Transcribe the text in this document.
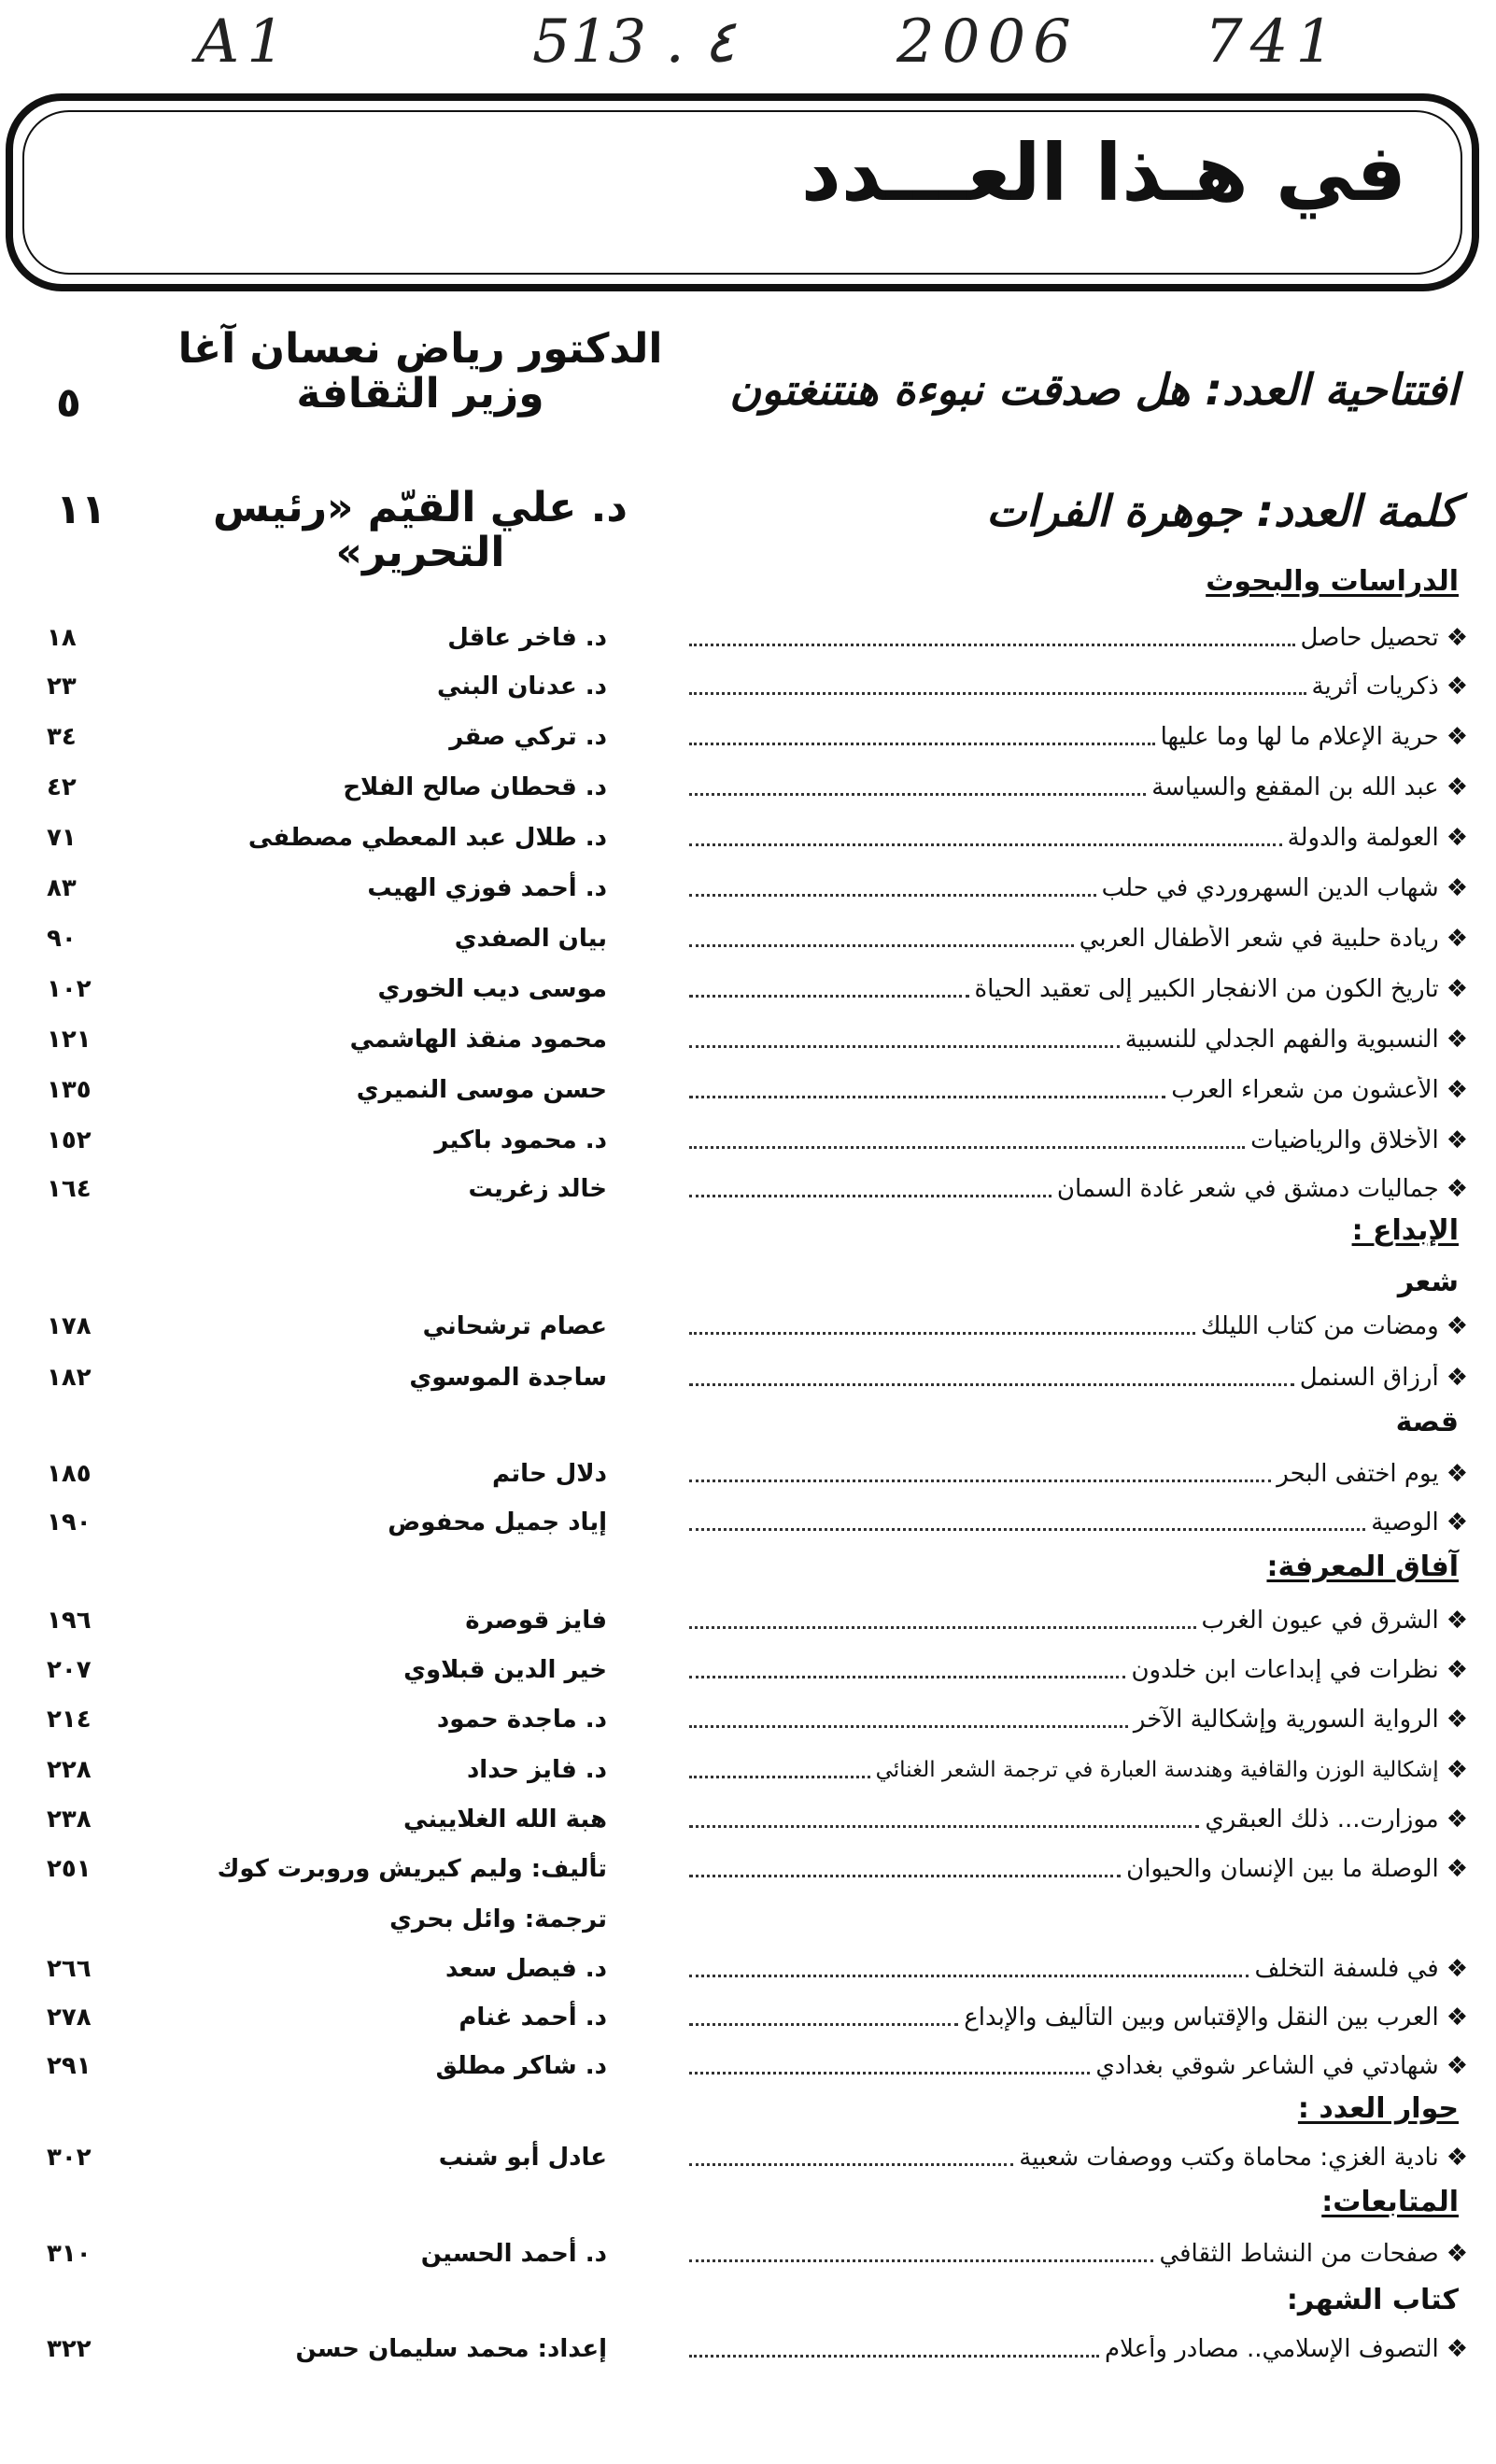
A1	513 . ٤	2006 741
في هـذا العـــدد
افتتاحية العدد: هل صدقت نبوءة هنتنغتون
الدكتور رياض نعسان آغا
وزير الثقافة
٥
كلمة العدد: جوهرة الفرات
د. علي القيّم «رئيس التحرير»
١١
الدراسات والبحوث
الإبداع :
شعر
قصة
آفاق المعرفة:
حوار العدد :
المتابعات:
كتاب الشهر:
❖
تحصيل حاصل
د. فاخر عاقل
١٨
❖
ذكريات أثرية
د. عدنان البني
٢٣
❖
حرية الإعلام ما لها وما عليها
د. تركي صقر
٣٤
❖
عبد الله بن المقفع والسياسة
د. قحطان صالح الفلاح
٤٢
❖
العولمة والدولة
د. طلال عبد المعطي مصطفى
٧١
❖
شهاب الدين السهروردي في حلب
د. أحمد فوزي الهيب
٨٣
❖
ريادة حلبية في شعر الأطفال العربي
بيان الصفدي
٩٠
❖
تاريخ الكون من الانفجار الكبير إلى تعقيد الحياة
موسى ديب الخوري
١٠٢
❖
النسبوية والفهم الجدلي للنسبية
محمود منقذ الهاشمي
١٢١
❖
الأعشون من شعراء العرب
حسن موسى النميري
١٣٥
❖
الأخلاق والرياضيات
د. محمود باكير
١٥٢
❖
جماليات دمشق في شعر غادة السمان
خالد زغريت
١٦٤
❖
ومضات من كتاب الليلك
عصام ترشحاني
١٧٨
❖
أرزاق السنمل
ساجدة الموسوي
١٨٢
❖
يوم اختفى البحر
دلال حاتم
١٨٥
❖
الوصية
إياد جميل محفوض
١٩٠
❖
الشرق في عيون الغرب
فايز قوصرة
١٩٦
❖
نظرات في إبداعات ابن خلدون
خير الدين قبلاوي
٢٠٧
❖
الرواية السورية وإشكالية الآخر
د. ماجدة حمود
٢١٤
❖
إشكالية الوزن والقافية وهندسة العبارة في ترجمة الشعر الغنائي
د. فايز حداد
٢٢٨
❖
موزارت... ذلك العبقري
هبة الله الغلاييني
٢٣٨
❖
الوصلة ما بين الإنسان والحيوان
تأليف: وليم كيريش وروبرت كوك
٢٥١
ترجمة: وائل بحري
❖
في فلسفة التخلف
د. فيصل سعد
٢٦٦
❖
العرب بين النقل والإقتباس وبين التأليف والإبداع
د. أحمد غنام
٢٧٨
❖
شهادتي في الشاعر شوقي بغدادي
د. شاكر مطلق
٢٩١
❖
نادية الغزي: محاماة وكتب ووصفات شعبية
عادل أبو شنب
٣٠٢
❖
صفحات من النشاط الثقافي
د. أحمد الحسين
٣١٠
❖
التصوف الإسلامي.. مصادر وأعلام
إعداد: محمد سليمان حسن
٣٢٢
